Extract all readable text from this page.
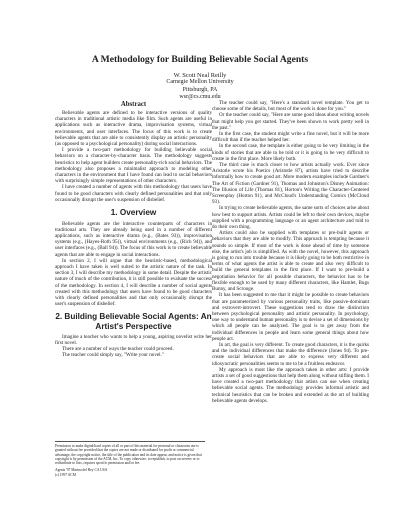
A Methodology for Building Believable Social Agents
W. Scott Neal Reilly
Carnegie Mellon University
Pittsburgh, PA
wsr@cs.cmu.edu
Abstract

Believable agents are defined to be interactive versions of quality characters in traditional artistic media like film. Such agents are useful in applications such as interactive drama, improvisation systems, virtual environments, and user interfaces. The focus of this work is to create believable agents that are able to consistently display an artistic personality (as opposed to a psychological personality) during social interactions.

I provide a two-part methodology for building believable social behaviors on a character-by-character basis. The methodology suggests heuristics to help agent builders create personality-rich social behaviors. The methodology also proposes a minimalist approach to modeling other characters in the environment that I have found can lead to social behaviors with surprisingly simple representations of other characters.

I have created a number of agents with this methodology that users have found to be good characters with clearly defined personalities and that only occasionally disrupt the user's suspension of disbelief.

1. Overview

Believable agents are the interactive counterparts of characters in traditional arts. They are already being used in a number of different applications, such as interactive drama (e.g., (Bates 93)), improvisation systems (e.g., (Hayes-Roth 95)), virtual environments (e.g., (Rich 94)), and user interfaces (e.g., (Ball 94)). The focus of this work is to create believable agents that are able to engage in social interactions.

In section 2, I will argue that the heuristic-based, methodological approach I have taken is well suited to the artistic nature of the task. In section 3, I will describe my methodology in some detail. Despite the artistic nature of much of the contribution, it is still possible to evaluate the success of the methodology. In section 4, I will describe a number of social agents created with this methodology that users have found to be good characters with clearly defined personalities and that only occasionally disrupt the user's suspension of disbelief.

2. Building Believable Social Agents: An Artist's Perspective

Imagine a teacher who wants to help a young, aspiring novelist write her first novel.

There are a number of ways the teacher could proceed.

The teacher could simply say, "Write your novel."

Permission to make digital/hard copies of all or part of this material for personal or classroom use is granted without fee provided that the copies are not made or distributed for profit or commercial advantage, the copyright notice, the title of the publication and its date appear, and notice is given that copyright is by permission of the ACM, Inc. To copy otherwise, to republish, to post on servers or to redistribute to lists, requires specific permission and/or fee.
Agents '97 Marina del Rey CA USA
(c) 1997 ACM

The teacher could say, "Here's a standard novel template. You get to choose some of the details, but most of the work is done for you."

Or the teacher could say, "Here are some good ideas about writing novels that might help you get started. They've been shown to work pretty well in the past."

In the first case, the student might write a fine novel, but it will be more difficult than if the teacher helped her.

In the second case, the template is either going to be very limiting in the kinds of stories that are able to be told or it is going to be very difficult to create in the first place. More likely both.

The third case is much closer to how artists actually work. Ever since Aristotle wrote his Poetics (Aristotle 87), artists have tried to describe informally how to create good art. More modern examples include Gardner's The Art of Fiction (Gardner 91), Thomas and Johnston's Disney Animation: The Illusion of Life (Thomas 81), Horton's Writing the Character-Centered Screenplay (Horton 91), and McCloud's Understanding Comics (McCloud 93).

In trying to create believable agents, the same sorts of choices arise about how best to support artists. Artists could be left to their own devices, maybe supplied with a programming language or an agent architecture and told to do their own thing.

Artists could also be supplied with templates or pre-built agents or behaviors that they are able to modify. This approach is tempting because it sounds so simple. If most of the work is done ahead of time by someone else, the artist's job is simplified. As with the novel, however, this approach is going to run into trouble because it is likely going to be both restrictive in terms of what agents the artist is able to create and also very difficult to build the general templates in the first place. If I want to pre-build a negotiation behavior for all possible characters, the behavior has to be flexible enough to be used by many different characters, like Hamlet, Bugs Bunny, and Scrooge.

It has been suggested to me that it might be possible to create behaviors that are parameterized by various personality traits, like passive-dominant and extrovert-introvert. These suggestions tend to draw the distinction between psychological personality and artistic personality. In psychology, one way to understand human personality is to devise a set of dimensions by which all people can be analyzed. The goal is to get away from the individual differences in people and learn some general things about how people act.

In art, the goal is very different. To create good characters, it is the quirks and the individual differences that make the difference (Jones 94). To pre-create social behaviors that are able to express very different and idiosyncratic personalities seems to me to be a fruitless endeavor.

My approach is most like the approach taken in other arts: I provide artists a set of good suggestions that help them along without stifling them. I have created a two-part methodology that artists can use when creating believable social agents. The methodology provides informal artistic and technical heuristics that can be broken and extended as the art of building believable agents develops.
